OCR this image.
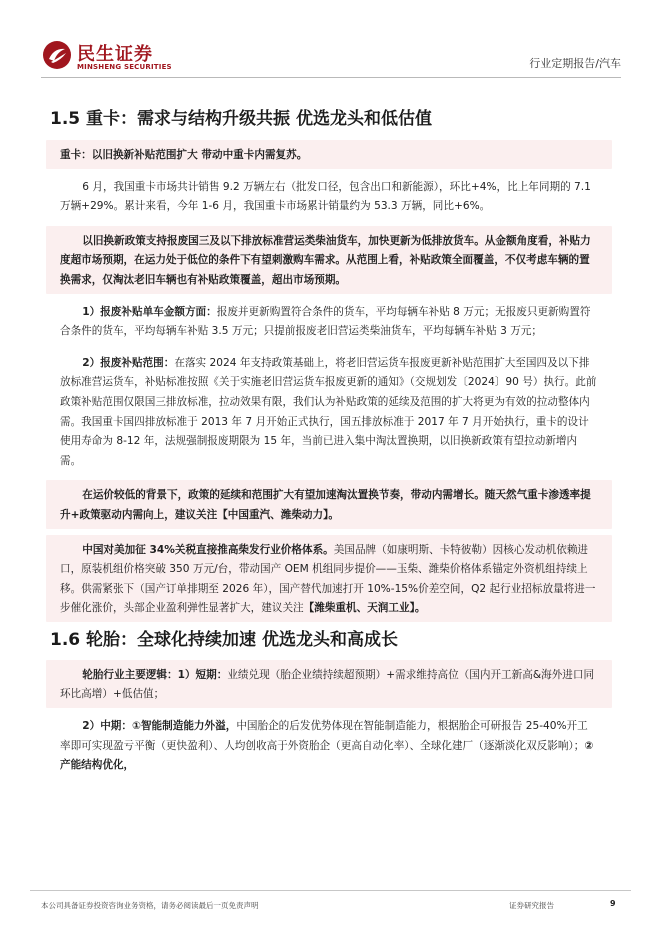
民生证券
MINSHENG SECURITIES	行业定期报告/汽车
1.5 重卡：需求与结构升级共振 优选龙头和低估值
重卡：以旧换新补贴范围扩大 带动中重卡内需复苏。
6 月，我国重卡市场共计销售 9.2 万辆左右（批发口径，包含出口和新能源），环比+4%，比上年同期的 7.1 万辆+29%。累计来看，今年 1-6 月，我国重卡市场累计销量约为 53.3 万辆，同比+6%。
以旧换新政策支持报废国三及以下排放标准营运类柴油货车，加快更新为低排放货车。从金额角度看，补贴力度超市场预期，在运力处于低位的条件下有望刺激购车需求。从范围上看，补贴政策全面覆盖，不仅考虑车辆的置换需求，仅淘汰老旧车辆也有补贴政策覆盖，超出市场预期。
1）报废补贴单车金额方面：报废并更新购置符合条件的货车，平均每辆车补贴 8 万元；无报废只更新购置符合条件的货车，平均每辆车补贴 3.5 万元；只提前报废老旧营运类柴油货车，平均每辆车补贴 3 万元；
2）报废补贴范围：在落实 2024 年支持政策基础上，将老旧营运货车报废更新补贴范围扩大至国四及以下排放标准营运货车，补贴标准按照《关于实施老旧营运货车报废更新的通知》（交规划发〔2024〕90 号）执行。此前政策补贴范围仅限国三排放标准，拉动效果有限，我们认为补贴政策的延续及范围的扩大将更为有效的拉动整体内需。我国重卡国四排放标准于 2013 年 7 月开始正式执行，国五排放标准于 2017 年 7 月开始执行，重卡的设计使用寿命为 8-12 年，法规强制报废期限为 15 年，当前已进入集中淘汰置换期，以旧换新政策有望拉动新增内需。
在运价较低的背景下，政策的延续和范围扩大有望加速淘汰置换节奏，带动内需增长。随天然气重卡渗透率提升+政策驱动内需向上，建议关注【中国重汽、潍柴动力】。
中国对美加征 34%关税直接推高柴发行业价格体系。美国品牌（如康明斯、卡特彼勒）因核心发动机依赖进口，原装机组价格突破 350 万元/台，带动国产 OEM 机组同步提价——玉柴、潍柴价格体系锚定外资机组持续上移。供需紧张下（国产订单排期至 2026 年），国产替代加速打开 10%-15%价差空间，Q2 起行业招标放量将进一步催化涨价，头部企业盈利弹性显著扩大，建议关注【潍柴重机、天润工业】。
1.6 轮胎：全球化持续加速 优选龙头和高成长
轮胎行业主要逻辑：1）短期：业绩兑现（胎企业绩持续超预期）+需求维持高位（国内开工新高&海外进口同环比高增）+低估值；
2）中期：①智能制造能力外溢，中国胎企的后发优势体现在智能制造能力，根据胎企可研报告 25-40%开工率即可实现盈亏平衡（更快盈利）、人均创收高于外资胎企（更高自动化率）、全球化建厂（逐渐淡化双反影响）；②产能结构优化，
本公司具备证券投资咨询业务资格，请务必阅读最后一页免责声明	证券研究报告	9
